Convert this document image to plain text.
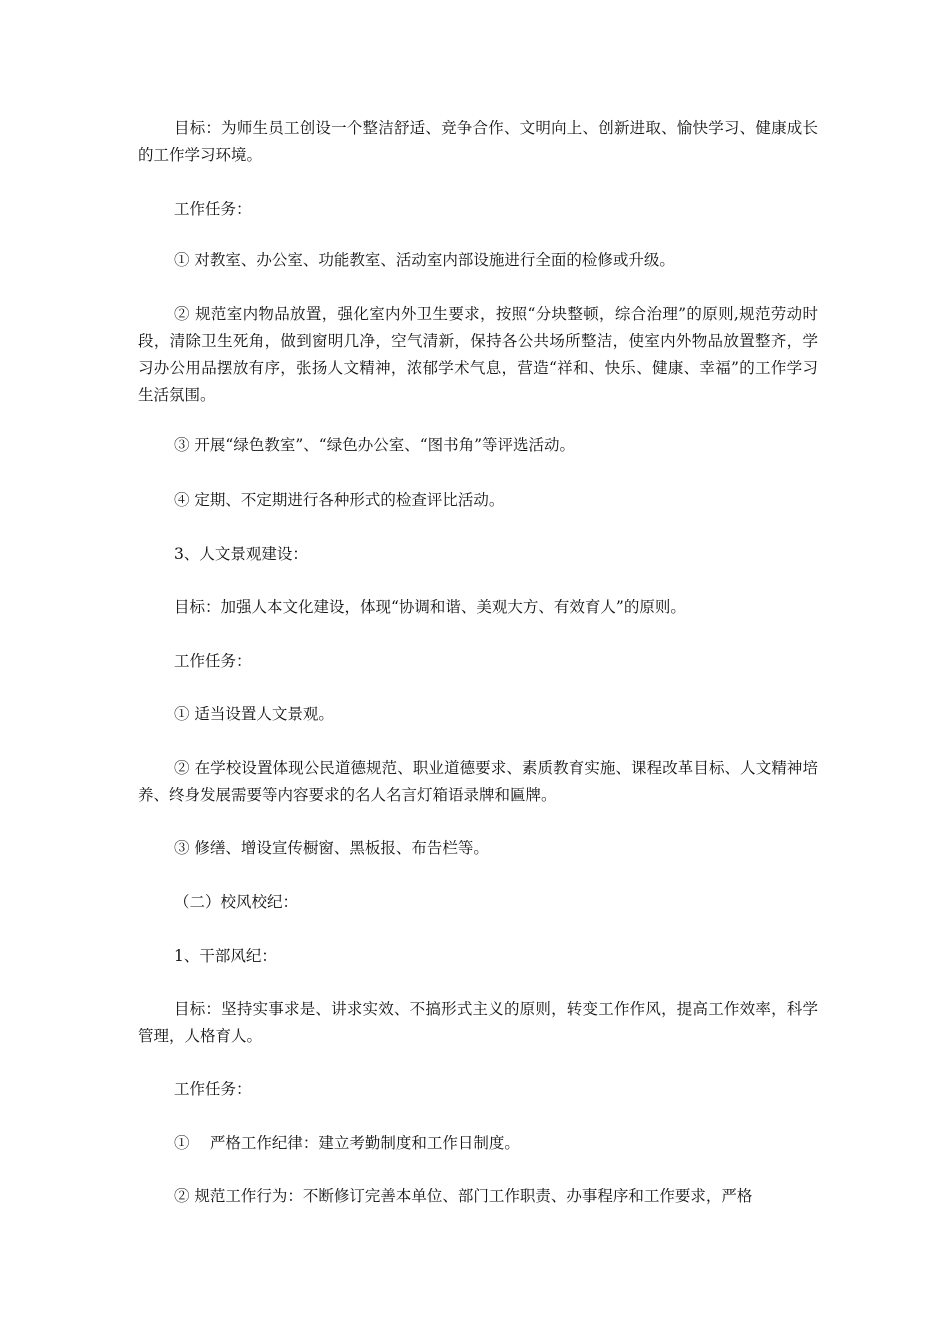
目标：为师生员工创设一个整洁舒适、竞争合作、文明向上、创新进取、愉快学习、健康成长的工作学习环境。

工作任务：

① 对教室、办公室、功能教室、活动室内部设施进行全面的检修或升级。

② 规范室内物品放置，强化室内外卫生要求，按照“分块整顿，综合治理”的原则,规范劳动时段，清除卫生死角，做到窗明几净，空气清新，保持各公共场所整洁，使室内外物品放置整齐，学习办公用品摆放有序，张扬人文精神，浓郁学术气息，营造“祥和、快乐、健康、幸福”的工作学习生活氛围。

③ 开展“绿色教室”、“绿色办公室、“图书角”等评选活动。

④ 定期、不定期进行各种形式的检查评比活动。

3、人文景观建设：

目标：加强人本文化建设，体现“协调和谐、美观大方、有效育人”的原则。

工作任务：

① 适当设置人文景观。

② 在学校设置体现公民道德规范、职业道德要求、素质教育实施、课程改革目标、人文精神培养、终身发展需要等内容要求的名人名言灯箱语录牌和匾牌。

③ 修缮、增设宣传橱窗、黑板报、布告栏等。

（二）校风校纪：

1、干部风纪：

目标：坚持实事求是、讲求实效、不搞形式主义的原则，转变工作作风，提高工作效率，科学管理，人格育人。

工作任务：

①　 严格工作纪律：建立考勤制度和工作日制度。

② 规范工作行为：不断修订完善本单位、部门工作职责、办事程序和工作要求，严格
